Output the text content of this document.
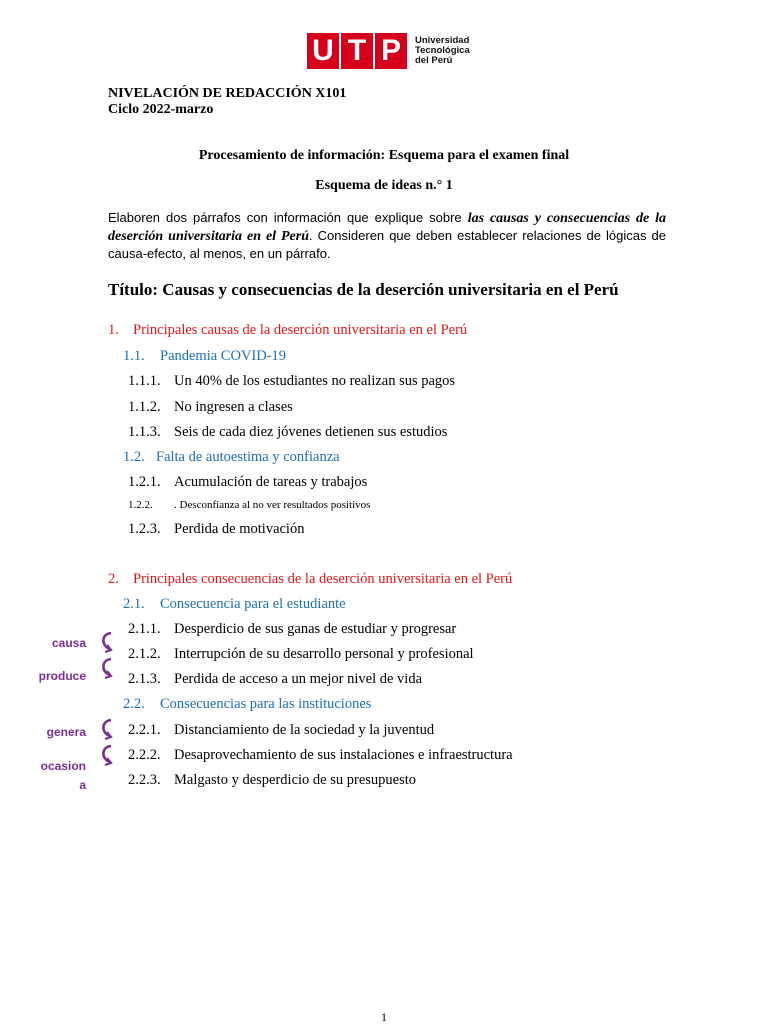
U T P	Universidad
Tecnológica
del Perú
NIVELACIÓN DE REDACCIÓN X101
Ciclo 2022-marzo
Procesamiento de información: Esquema para el examen final
Esquema de ideas n.° 1
Elaboren dos párrafos con información que explique sobre las causas y consecuencias de la deserción universitaria en el Perú. Consideren que deben establecer relaciones de lógicas de causa-efecto, al menos, en un párrafo.
Título: Causas y consecuencias de la deserción universitaria en el Perú
1. Principales causas de la deserción universitaria en el Perú
1.1. Pandemia COVID-19
1.1.1. Un 40% de los estudiantes no realizan sus pagos
1.1.2. No ingresen a clases
1.1.3. Seis de cada diez jóvenes detienen sus estudios
1.2. Falta de autoestima y confianza
1.2.1. Acumulación de tareas y trabajos
1.2.2. . Desconfianza al no ver resultados positivos
1.2.3. Perdida de motivación
2. Principales consecuencias de la deserción universitaria en el Perú
2.1. Consecuencia para el estudiante
2.1.1. Desperdicio de sus ganas de estudiar y progresar
2.1.2. Interrupción de su desarrollo personal y profesional
2.1.3. Perdida de acceso a un mejor nivel de vida
2.2. Consecuencias para las instituciones
2.2.1. Distanciamiento de la sociedad y la juventud
2.2.2. Desaprovechamiento de sus instalaciones e infraestructura
2.2.3. Malgasto y desperdicio de su presupuesto
causa
produce
genera
ocasion
a
1
